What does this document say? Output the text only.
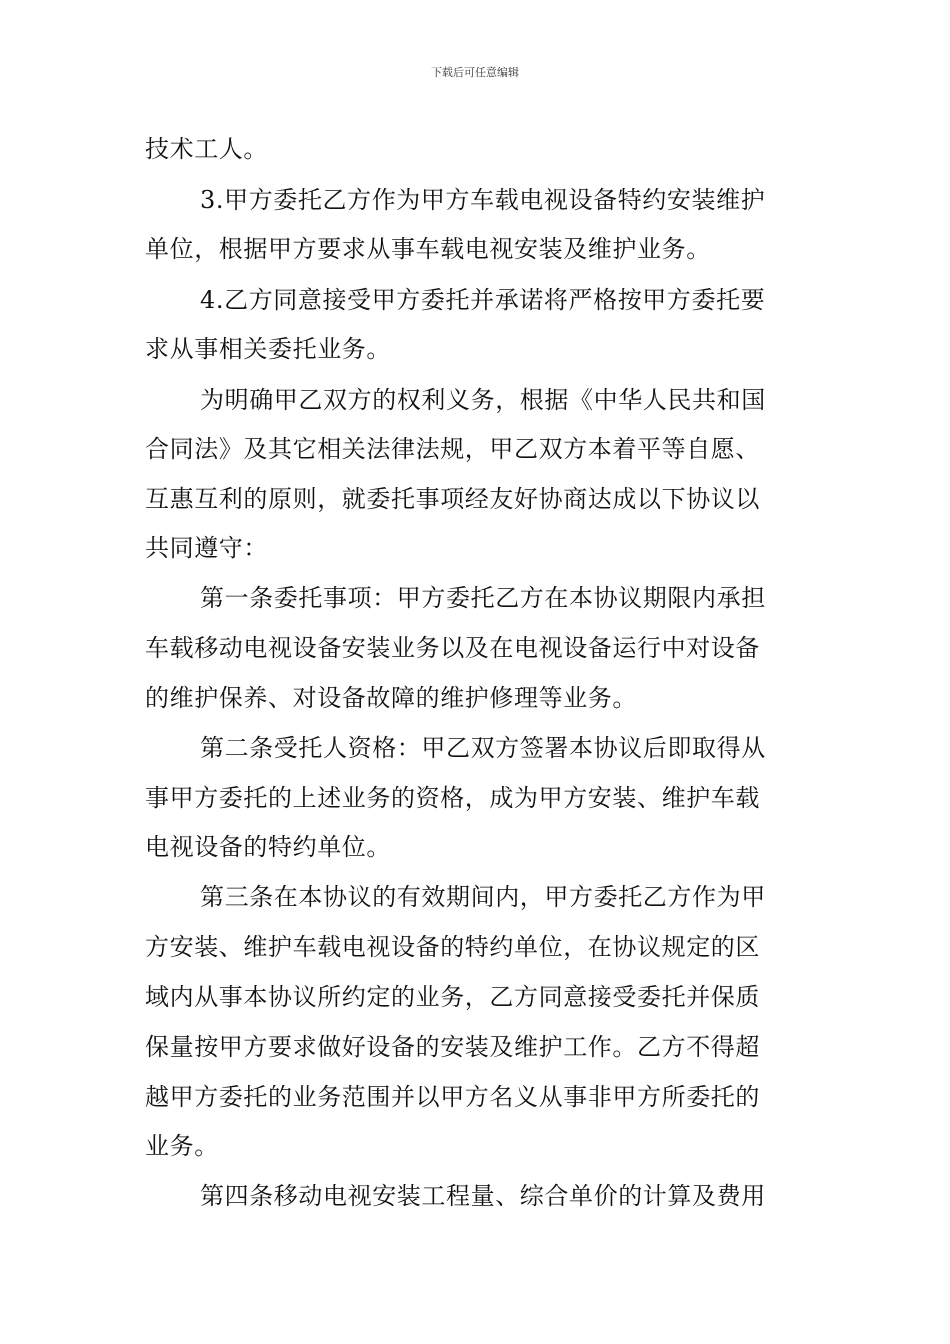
下载后可任意编辑
技术工人。
3.甲方委托乙方作为甲方车载电视设备特约安装维护
单位，根据甲方要求从事车载电视安装及维护业务。
4.乙方同意接受甲方委托并承诺将严格按甲方委托要
求从事相关委托业务。
为明确甲乙双方的权利义务，根据《中华人民共和国
合同法》及其它相关法律法规，甲乙双方本着平等自愿、
互惠互利的原则，就委托事项经友好协商达成以下协议以
共同遵守：
第一条委托事项：甲方委托乙方在本协议期限内承担
车载移动电视设备安装业务以及在电视设备运行中对设备
的维护保养、对设备故障的维护修理等业务。
第二条受托人资格：甲乙双方签署本协议后即取得从
事甲方委托的上述业务的资格，成为甲方安装、维护车载
电视设备的特约单位。
第三条在本协议的有效期间内，甲方委托乙方作为甲
方安装、维护车载电视设备的特约单位，在协议规定的区
域内从事本协议所约定的业务，乙方同意接受委托并保质
保量按甲方要求做好设备的安装及维护工作。乙方不得超
越甲方委托的业务范围并以甲方名义从事非甲方所委托的
业务。
第四条移动电视安装工程量、综合单价的计算及费用
